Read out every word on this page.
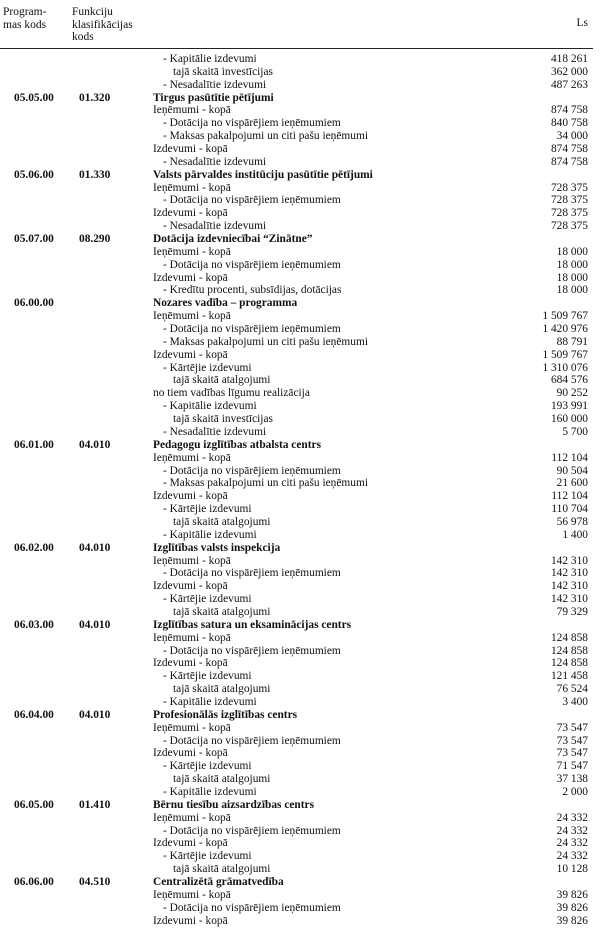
Program-
mas kods
Funkciju
klasifikācijas
kods
Ls
- Kapitālie izdevumi	418 261
tajā skaitā investīcijas	362 000
- Nesadalītie izdevumi	487 263
05.05.00 01.320	Tirgus pasūtītie pētījumi
Ieņēmumi - kopā	874 758
- Dotācija no vispārējiem ieņēmumiem	840 758
- Maksas pakalpojumi un citi pašu ieņēmumi	34 000
Izdevumi - kopā	874 758
- Nesadalītie izdevumi	874 758
05.06.00 01.330	Valsts pārvaldes institūciju pasūtītie pētījumi
Ieņēmumi - kopā	728 375
- Dotācija no vispārējiem ieņēmumiem	728 375
Izdevumi - kopā	728 375
- Nesadalītie izdevumi	728 375
05.07.00 08.290	Dotācija izdevniecībai “Zinātne”
Ieņēmumi - kopā	18 000
- Dotācija no vispārējiem ieņēmumiem	18 000
Izdevumi - kopā	18 000
- Kredītu procenti, subsīdijas, dotācijas	18 000
06.00.00	Nozares vadība – programma
Ieņēmumi - kopā	1 509 767
- Dotācija no vispārējiem ieņēmumiem	1 420 976
- Maksas pakalpojumi un citi pašu ieņēmumi	88 791
Izdevumi - kopā	1 509 767
- Kārtējie izdevumi	1 310 076
tajā skaitā atalgojumi	684 576
no tiem vadības līgumu realizācija	90 252
- Kapitālie izdevumi	193 991
tajā skaitā investīcijas	160 000
- Nesadalītie izdevumi	5 700
06.01.00 04.010	Pedagogu izglītības atbalsta centrs
Ieņēmumi - kopā	112 104
- Dotācija no vispārējiem ieņēmumiem	90 504
- Maksas pakalpojumi un citi pašu ieņēmumi	21 600
Izdevumi - kopā	112 104
- Kārtējie izdevumi	110 704
tajā skaitā atalgojumi	56 978
- Kapitālie izdevumi	1 400
06.02.00 04.010	Izglītības valsts inspekcija
Ieņēmumi - kopā	142 310
- Dotācija no vispārējiem ieņēmumiem	142 310
Izdevumi - kopā	142 310
- Kārtējie izdevumi	142 310
tajā skaitā atalgojumi	79 329
06.03.00 04.010	Izglītības satura un eksaminācijas centrs
Ieņēmumi - kopā	124 858
- Dotācija no vispārējiem ieņēmumiem	124 858
Izdevumi - kopā	124 858
- Kārtējie izdevumi	121 458
tajā skaitā atalgojumi	76 524
- Kapitālie izdevumi	3 400
06.04.00 04.010	Profesionālās izglītības centrs
Ieņēmumi - kopā	73 547
- Dotācija no vispārējiem ieņēmumiem	73 547
Izdevumi - kopā	73 547
- Kārtējie izdevumi	71 547
tajā skaitā atalgojumi	37 138
- Kapitālie izdevumi	2 000
06.05.00 01.410	Bērnu tiesību aizsardzības centrs
Ieņēmumi - kopā	24 332
- Dotācija no vispārējiem ieņēmumiem	24 332
Izdevumi - kopā	24 332
- Kārtējie izdevumi	24 332
tajā skaitā atalgojumi	10 128
06.06.00 04.510	Centralizētā grāmatvedība
Ieņēmumi - kopā	39 826
- Dotācija no vispārējiem ieņēmumiem	39 826
Izdevumi - kopā	39 826
